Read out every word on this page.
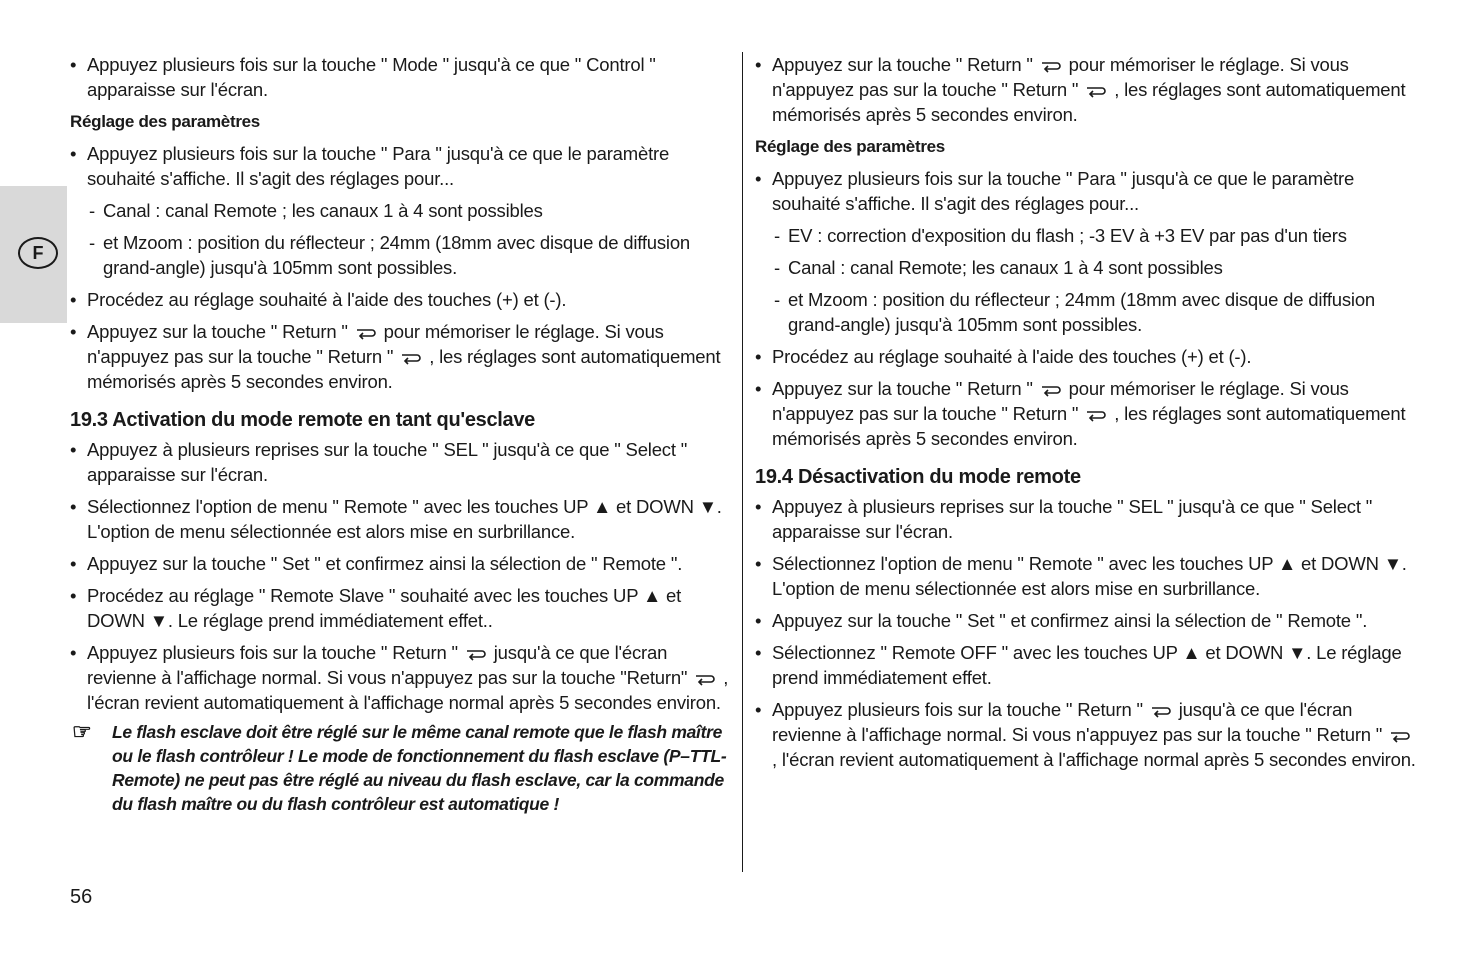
F
• Appuyez plusieurs fois sur la touche " Mode " jusqu'à ce que " Control " apparaisse sur l'écran.
Réglage des paramètres
• Appuyez plusieurs fois sur la touche " Para " jusqu'à ce que le paramètre souhaité s'affiche. Il s'agit des réglages pour...
- Canal : canal Remote ; les canaux 1 à 4 sont possibles
- et Mzoom : position du réflecteur ; 24mm (18mm avec disque de diffusion grand-angle) jusqu'à 105mm sont possibles.
• Procédez au réglage souhaité à l'aide des touches (+) et (-).
• Appuyez sur la touche " Return " pour mémoriser le réglage. Si vous n'appuyez pas sur la touche " Return " , les réglages sont automatiquement mémorisés après 5 secondes environ.
19.3 Activation du mode remote en tant qu'esclave
• Appuyez à plusieurs reprises sur la touche " SEL " jusqu'à ce que " Select " apparaisse sur l'écran.
• Sélectionnez l'option de menu " Remote " avec les touches UP ▲ et DOWN ▼. L'option de menu sélectionnée est alors mise en surbrillance.
• Appuyez sur la touche " Set " et confirmez ainsi la sélection de " Remote ".
• Procédez au réglage " Remote Slave " souhaité avec les touches UP ▲ et DOWN ▼. Le réglage prend immédiatement effet..
• Appuyez plusieurs fois sur la touche " Return " jusqu'à ce que l'écran revienne à l'affichage normal. Si vous n'appuyez pas sur la touche "Return" , l'écran revient automatiquement à l'affichage normal après 5 secondes environ.
☞ Le flash esclave doit être réglé sur le même canal remote que le flash maître ou le flash contrôleur ! Le mode de fonctionnement du flash esclave (P–TTL-Remote) ne peut pas être réglé au niveau du flash esclave, car la commande du flash maître ou du flash contrôleur est automatique !
• Appuyez sur la touche " Return " pour mémoriser le réglage. Si vous n'appuyez pas sur la touche " Return " , les réglages sont automatiquement mémorisés après 5 secondes environ.
Réglage des paramètres
• Appuyez plusieurs fois sur la touche " Para " jusqu'à ce que le paramètre souhaité s'affiche. Il s'agit des réglages pour...
- EV : correction d'exposition du flash ; -3 EV à +3 EV par pas d'un tiers
- Canal : canal Remote; les canaux 1 à 4 sont possibles
- et Mzoom : position du réflecteur ; 24mm (18mm avec disque de diffusion grand-angle) jusqu'à 105mm sont possibles.
• Procédez au réglage souhaité à l'aide des touches (+) et (-).
• Appuyez sur la touche " Return " pour mémoriser le réglage. Si vous n'appuyez pas sur la touche " Return " , les réglages sont automatiquement mémorisés après 5 secondes environ.
19.4 Désactivation du mode remote
• Appuyez à plusieurs reprises sur la touche " SEL " jusqu'à ce que " Select " apparaisse sur l'écran.
• Sélectionnez l'option de menu " Remote " avec les touches UP ▲ et DOWN ▼. L'option de menu sélectionnée est alors mise en surbrillance.
• Appuyez sur la touche " Set " et confirmez ainsi la sélection de " Remote ".
• Sélectionnez " Remote OFF " avec les touches UP ▲ et DOWN ▼. Le réglage prend immédiatement effet.
• Appuyez plusieurs fois sur la touche " Return " jusqu'à ce que l'écran revienne à l'affichage normal. Si vous n'appuyez pas sur la touche " Return "  , l'écran revient automatiquement à l'affichage normal après 5 secondes environ.
56
